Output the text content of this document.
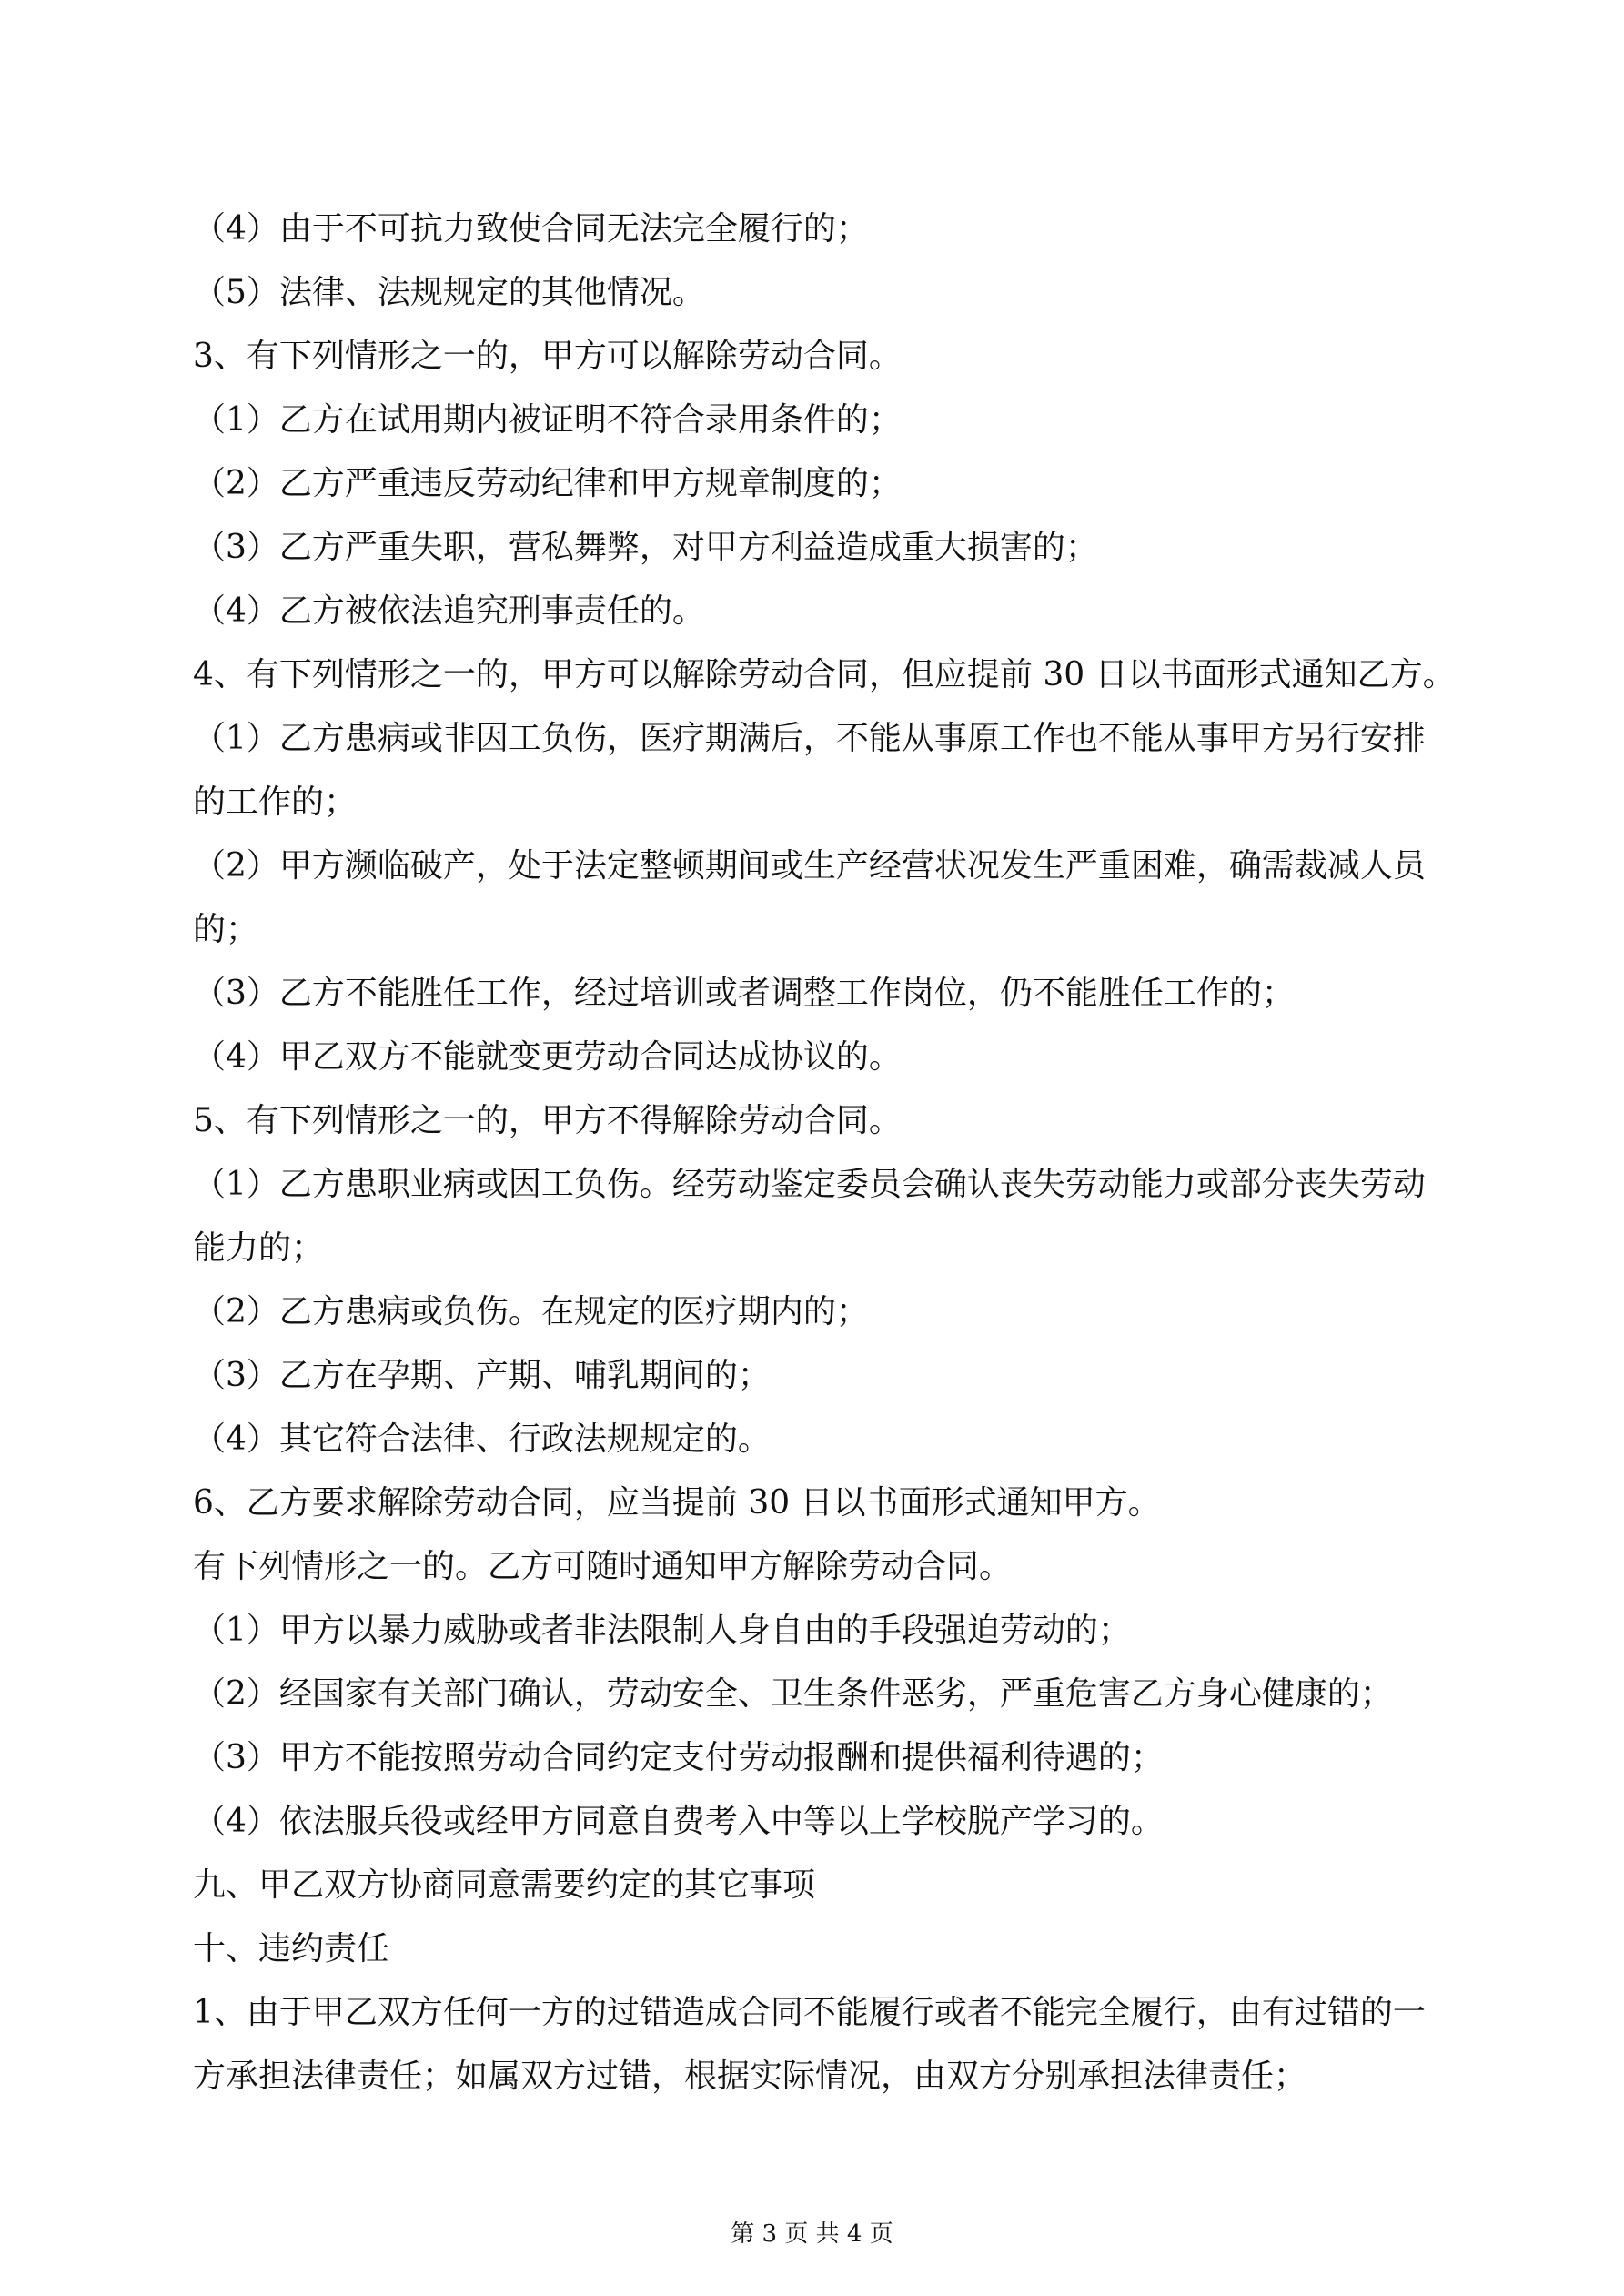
（4）由于不可抗力致使合同无法完全履行的；

（5）法律、法规规定的其他情况。

3、有下列情形之一的，甲方可以解除劳动合同。

（1）乙方在试用期内被证明不符合录用条件的；

（2）乙方严重违反劳动纪律和甲方规章制度的；

（3）乙方严重失职，营私舞弊，对甲方利益造成重大损害的；

（4）乙方被依法追究刑事责任的。

4、有下列情形之一的，甲方可以解除劳动合同，但应提前 30 日以书面形式通知乙方。

（1）乙方患病或非因工负伤，医疗期满后，不能从事原工作也不能从事甲方另行安排

的工作的；

（2）甲方濒临破产，处于法定整顿期间或生产经营状况发生严重困难，确需裁减人员

的；

（3）乙方不能胜任工作，经过培训或者调整工作岗位，仍不能胜任工作的；

（4）甲乙双方不能就变更劳动合同达成协议的。

5、有下列情形之一的，甲方不得解除劳动合同。

（1）乙方患职业病或因工负伤。经劳动鉴定委员会确认丧失劳动能力或部分丧失劳动

能力的；

（2）乙方患病或负伤。在规定的医疗期内的；

（3）乙方在孕期、产期、哺乳期间的；

（4）其它符合法律、行政法规规定的。

6、乙方要求解除劳动合同，应当提前 30 日以书面形式通知甲方。

有下列情形之一的。乙方可随时通知甲方解除劳动合同。

（1）甲方以暴力威胁或者非法限制人身自由的手段强迫劳动的；

（2）经国家有关部门确认，劳动安全、卫生条件恶劣，严重危害乙方身心健康的；

（3）甲方不能按照劳动合同约定支付劳动报酬和提供福利待遇的；

（4）依法服兵役或经甲方同意自费考入中等以上学校脱产学习的。

九、甲乙双方协商同意需要约定的其它事项

十、违约责任

1、由于甲乙双方任何一方的过错造成合同不能履行或者不能完全履行，由有过错的一

方承担法律责任；如属双方过错，根据实际情况，由双方分别承担法律责任；

第 3 页 共 4 页
